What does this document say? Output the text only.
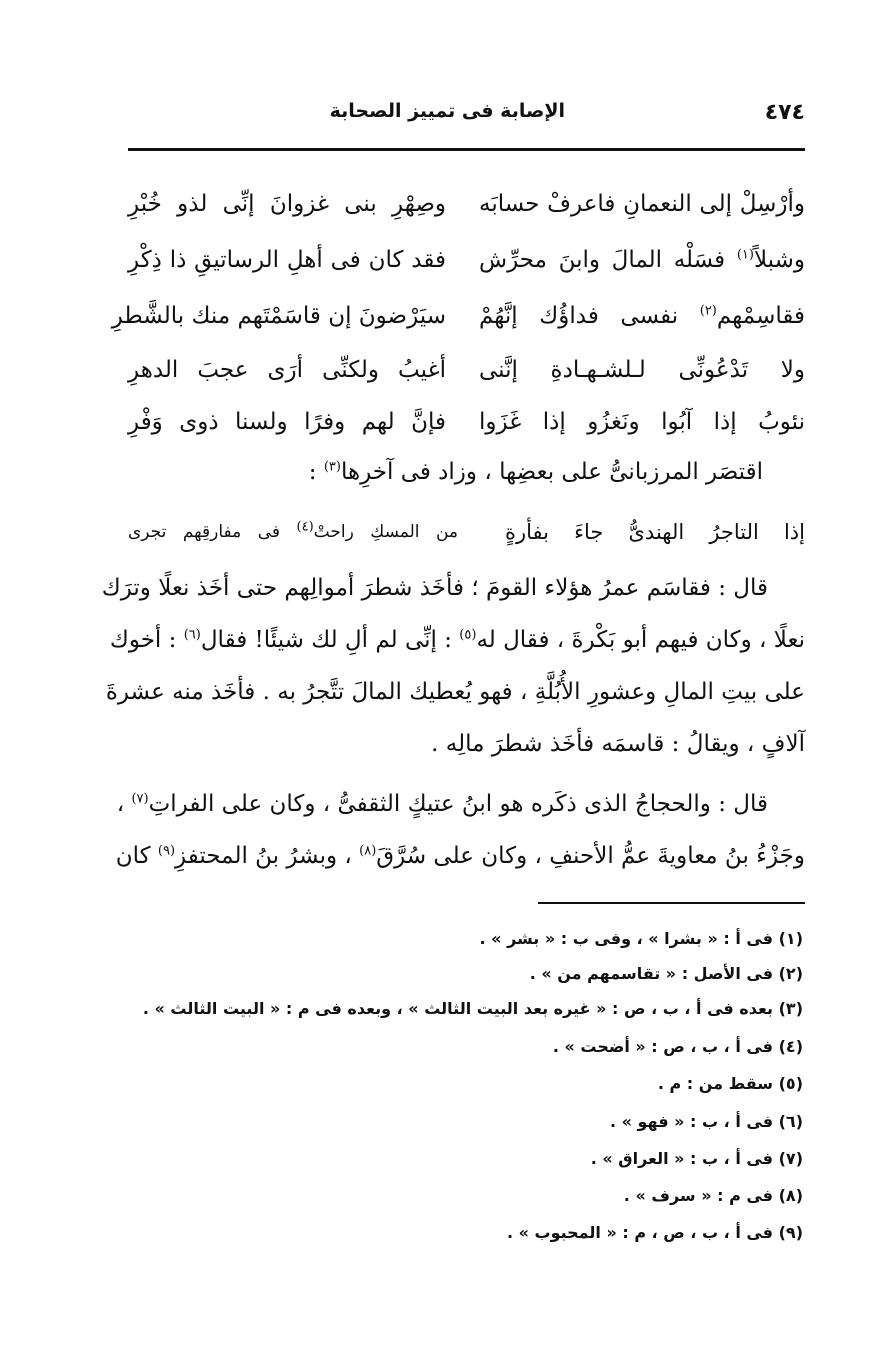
٤٧٤
الإصابة فى تمييز الصحابة
وأرْسِلْ إلى النعمانِ فاعرفْ حسابَه
وصِهْرِ بنى غزوانَ إنِّى لذو خُبْرِ
وشبلاً$^{(١)}$ فسَلْه المالَ وابنَ محرِّش
فقد كان فى أهلِ الرساتيقِ ذا ذِكْرِ
فقاسِمْهم$^{(٢)}$ نفسى فداؤُك إنَّهُمْ
سيَرْضونَ إن قاسَمْتَهم منك بالشَّطرِ
ولا تَدْعُونِّى لـلشـهـادةِ إنَّنى
أغيبُ ولكنِّى أرَى عجبَ الدهرِ
نئوبُ إذا آبُوا ونَغزُو إذا غَزَوا
فإنَّ لهم وفرًا ولسنا ذوى وَفْرِ
اقتصَر المرزبانىُّ على بعضِها ، وزاد فى آخرِها$^{(٣)}$ :
إذا التاجرُ الهندىُّ جاءَ بفأرةٍ
من المسكِ راحتْ$^{(٤)}$ فى مفارقِهم تجرى
قال : فقاسَم عمرُ هؤلاء القومَ ؛ فأخَذ شطرَ أموالِهم حتى أخَذ نعلًا وترَك
نعلًا ، وكان فيهم أبو بَكْرةَ ، فقال له$^{(٥)}$ : إنِّى لم ألِ لك شيئًا! فقال$^{(٦)}$ : أخوك
على بيتِ المالِ وعشورِ الأُبُلَّةِ ، فهو يُعطيك المالَ تتَّجرُ به . فأخَذ منه عشرةَ
آلافٍ ، ويقالُ : قاسمَه فأخَذ شطرَ مالِه .
قال : والحجاجُ الذى ذكَره هو ابنُ عتيكٍ الثقفىُّ ، وكان على الفراتِ$^{(٧)}$ ،
وجَزْءُ بنُ معاويةَ عمُّ الأحنفِ ، وكان على سُرَّقَ$^{(٨)}$ ، وبشرُ بنُ المحتفزِ$^{(٩)}$ كان
(١) فى أ : « بشرا » ، وفى ب : « بشر » .
(٢) فى الأصل : « تقاسمهم من » .
(٣) بعده فى أ ، ب ، ص : « غيره بعد البيت الثالث » ، وبعده فى م : « البيت الثالث » .
(٤) فى أ ، ب ، ص : « أضحت » .
(٥) سقط من : م .
(٦) فى أ ، ب : « فهو » .
(٧) فى أ ، ب : « العراق » .
(٨) فى م : « سرف » .
(٩) فى أ ، ب ، ص ، م : « المحبوب » .
